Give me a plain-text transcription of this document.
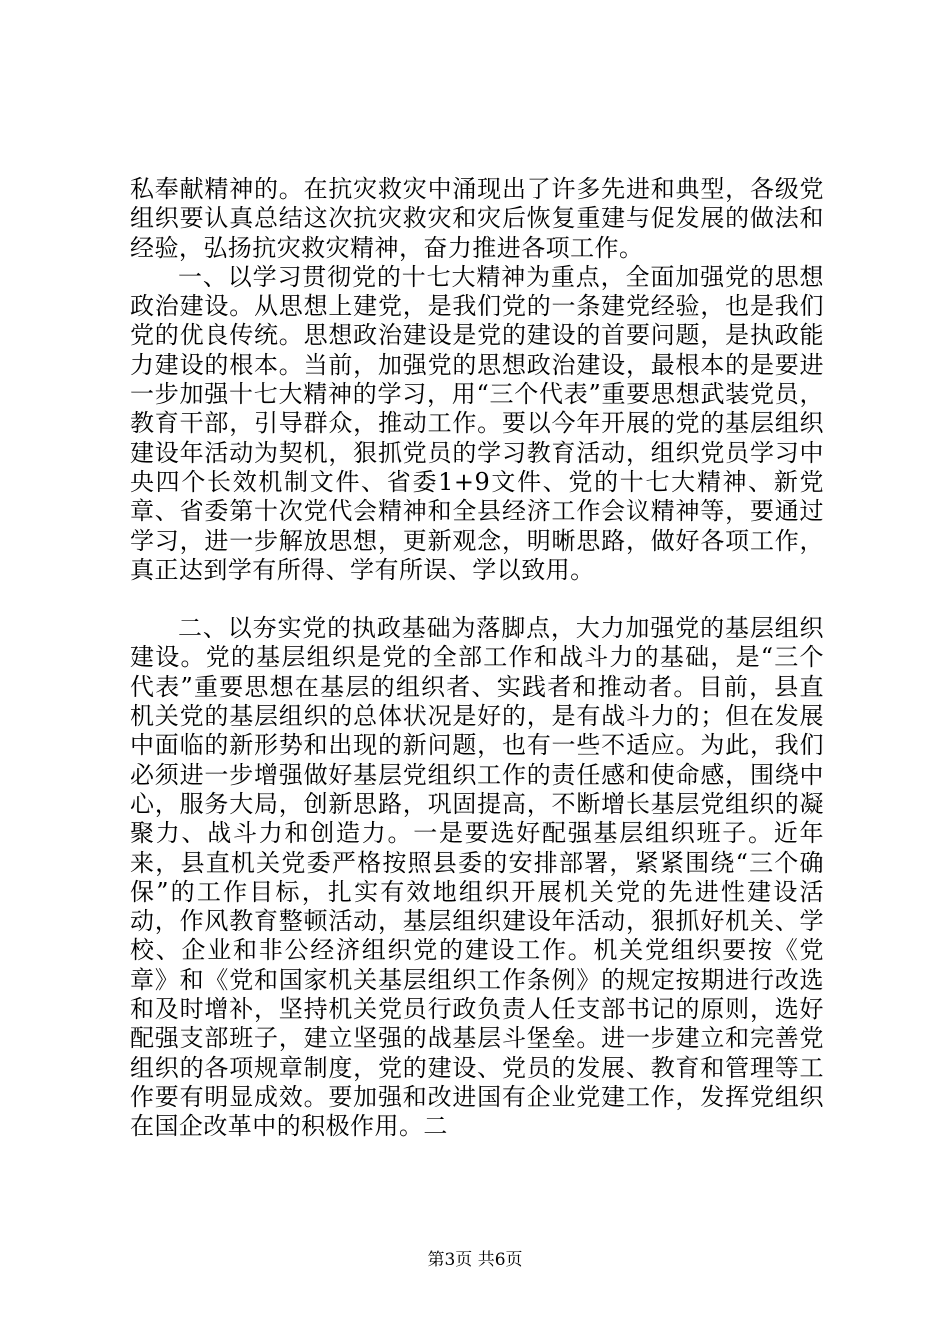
私奉献精神的。在抗灾救灾中涌现出了许多先进和典型，各级党组织要认真总结这次抗灾救灾和灾后恢复重建与促发展的做法和经验，弘扬抗灾救灾精神，奋力推进各项工作。

一、以学习贯彻党的十七大精神为重点，全面加强党的思想政治建设。从思想上建党，是我们党的一条建党经验，也是我们党的优良传统。思想政治建设是党的建设的首要问题，是执政能力建设的根本。当前，加强党的思想政治建设，最根本的是要进一步加强十七大精神的学习，用“三个代表”重要思想武装党员，教育干部，引导群众，推动工作。要以今年开展的党的基层组织建设年活动为契机，狠抓党员的学习教育活动，组织党员学习中央四个长效机制文件、省委1+9文件、党的十七大精神、新党章、省委第十次党代会精神和全县经济工作会议精神等，要通过学习，进一步解放思想，更新观念，明晰思路，做好各项工作，真正达到学有所得、学有所误、学以致用。

二、以夯实党的执政基础为落脚点，大力加强党的基层组织建设。党的基层组织是党的全部工作和战斗力的基础，是“三个代表”重要思想在基层的组织者、实践者和推动者。目前，县直机关党的基层组织的总体状况是好的，是有战斗力的；但在发展中面临的新形势和出现的新问题，也有一些不适应。为此，我们必须进一步增强做好基层党组织工作的责任感和使命感，围绕中心，服务大局，创新思路，巩固提高，不断增长基层党组织的凝聚力、战斗力和创造力。一是要选好配强基层组织班子。近年来，县直机关党委严格按照县委的安排部署，紧紧围绕“三个确保”的工作目标，扎实有效地组织开展机关党的先进性建设活动，作风教育整顿活动，基层组织建设年活动，狠抓好机关、学校、企业和非公经济组织党的建设工作。机关党组织要按《党章》和《党和国家机关基层组织工作条例》的规定按期进行改选和及时增补，坚持机关党员行政负责人任支部书记的原则，选好配强支部班子，建立坚强的战基层斗堡垒。进一步建立和完善党组织的各项规章制度，党的建设、党员的发展、教育和管理等工作要有明显成效。要加强和改进国有企业党建工作，发挥党组织在国企改革中的积极作用。二

第3页 共6页
